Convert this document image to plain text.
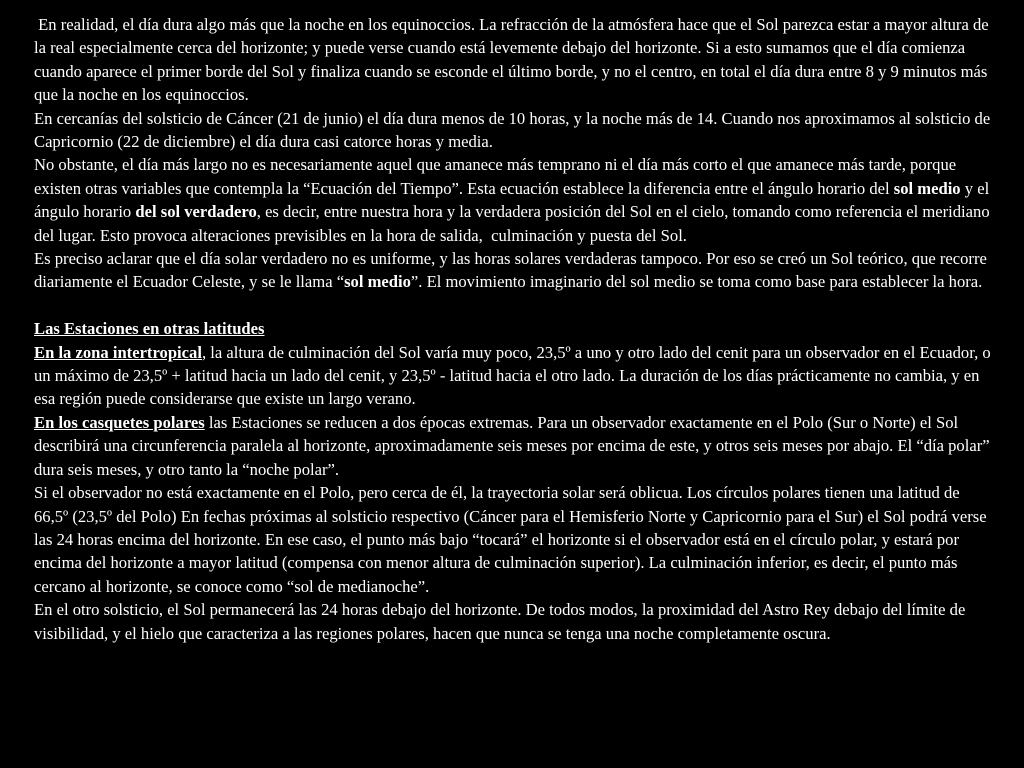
En realidad, el día dura algo más que la noche en los equinoccios. La refracción de la atmósfera hace que el Sol parezca estar a mayor altura de la real especialmente cerca del horizonte; y puede verse cuando está levemente debajo del horizonte. Si a esto sumamos que el día comienza cuando aparece el primer borde del Sol y finaliza cuando se esconde el último borde, y no el centro, en total el día dura entre 8 y 9 minutos más que la noche en los equinoccios.

En cercanías del solsticio de Cáncer (21 de junio) el día dura menos de 10 horas, y la noche más de 14. Cuando nos aproximamos al solsticio de Capricornio (22 de diciembre) el día dura casi catorce horas y media.

No obstante, el día más largo no es necesariamente aquel que amanece más temprano ni el día más corto el que amanece más tarde, porque existen otras variables que contempla la “Ecuación del Tiempo”. Esta ecuación establece la diferencia entre el ángulo horario del sol medio y el ángulo horario del sol verdadero, es decir, entre nuestra hora y la verdadera posición del Sol en el cielo, tomando como referencia el meridiano del lugar. Esto provoca alteraciones previsibles en la hora de salida,  culminación y puesta del Sol.

Es preciso aclarar que el día solar verdadero no es uniforme, y las horas solares verdaderas tampoco. Por eso se creó un Sol teórico, que recorre diariamente el Ecuador Celeste, y se le llama “sol medio”. El movimiento imaginario del sol medio se toma como base para establecer la hora.

Las Estaciones en otras latitudes

En la zona intertropical, la altura de culminación del Sol varía muy poco, 23,5º a uno y otro lado del cenit para un observador en el Ecuador, o un máximo de 23,5º + latitud hacia un lado del cenit, y 23,5º - latitud hacia el otro lado. La duración de los días prácticamente no cambia, y en esa región puede considerarse que existe un largo verano.

En los casquetes polares las Estaciones se reducen a dos épocas extremas. Para un observador exactamente en el Polo (Sur o Norte) el Sol describirá una circunferencia paralela al horizonte, aproximadamente seis meses por encima de este, y otros seis meses por abajo. El “día polar” dura seis meses, y otro tanto la “noche polar”.

Si el observador no está exactamente en el Polo, pero cerca de él, la trayectoria solar será oblicua. Los círculos polares tienen una latitud de 66,5º (23,5º del Polo) En fechas próximas al solsticio respectivo (Cáncer para el Hemisferio Norte y Capricornio para el Sur) el Sol podrá verse las 24 horas encima del horizonte. En ese caso, el punto más bajo “tocará” el horizonte si el observador está en el círculo polar, y estará por encima del horizonte a mayor latitud (compensa con menor altura de culminación superior). La culminación inferior, es decir, el punto más cercano al horizonte, se conoce como “sol de medianoche”.

En el otro solsticio, el Sol permanecerá las 24 horas debajo del horizonte. De todos modos, la proximidad del Astro Rey debajo del límite de visibilidad, y el hielo que caracteriza a las regiones polares, hacen que nunca se tenga una noche completamente oscura.
